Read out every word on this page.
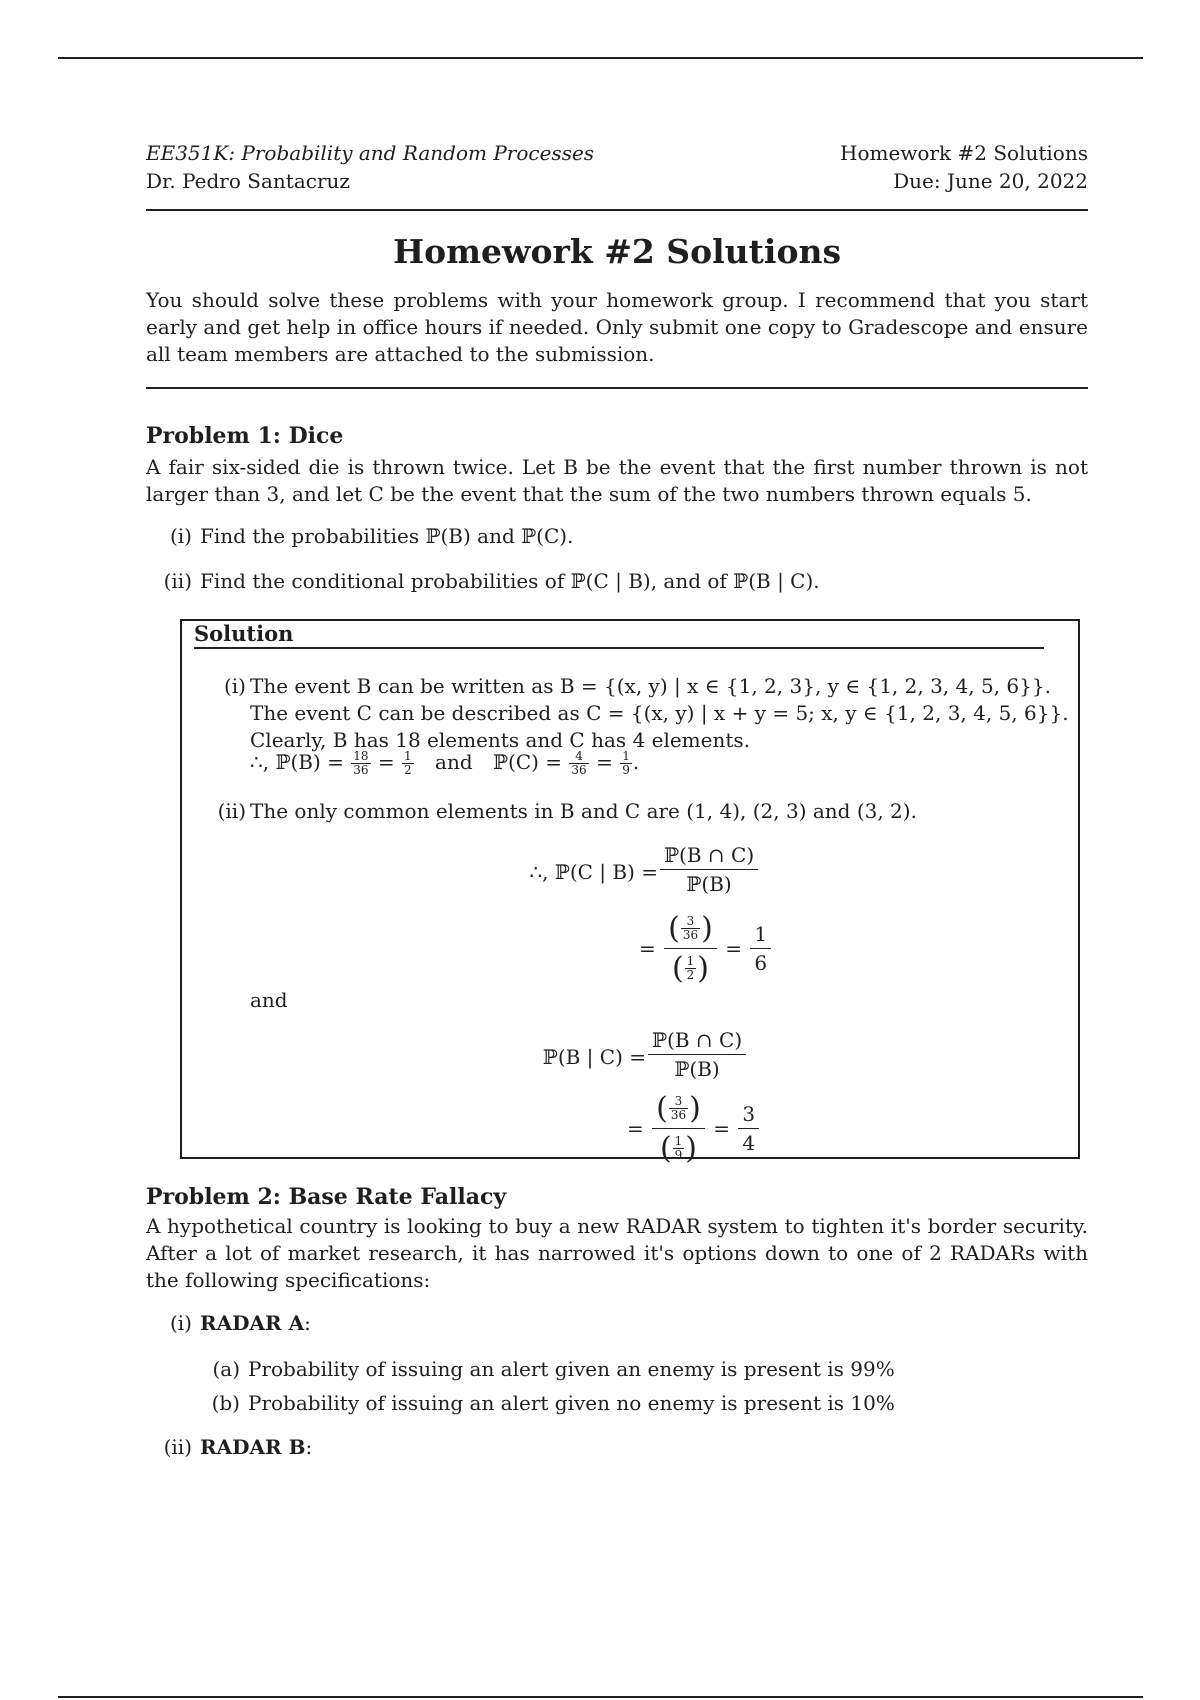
EE351K: Probability and Random Processes
Dr. Pedro Santacruz
Homework #2 Solutions
Due: June 20, 2022
Homework #2 Solutions
You should solve these problems with your homework group. I recommend that you start early and get help in office hours if needed. Only submit one copy to Gradescope and ensure all team members are attached to the submission.
Problem 1: Dice
A fair six-sided die is thrown twice. Let B be the event that the first number thrown is not larger than 3, and let C be the event that the sum of the two numbers thrown equals 5.
(i) Find the probabilities ℙ(B) and ℙ(C).
(ii) Find the conditional probabilities of ℙ(C | B), and of ℙ(B | C).
Solution
(i) The event B can be written as B = {(x, y) | x ∈ {1, 2, 3}, y ∈ {1, 2, 3, 4, 5, 6}}.
The event C can be described as C = {(x, y) | x + y = 5; x, y ∈ {1, 2, 3, 4, 5, 6}}.
Clearly, B has 18 elements and C has 4 elements.
∴, ℙ(B) = $\frac{18}{36} = \frac{1}{2}$ and ℙ(C) = $\frac{4}{36} = \frac{1}{9}$ .
(ii) The only common elements in B and C are (1, 4), (2, 3) and (3, 2).
∴, ℙ(C | $B) = \frac{\text{ℙ(B ∩ C)}}{\text{ℙ(B)}}$
= $\frac{( \frac{3}{36} )}{( \frac{1}{2} )} = \frac{1}{6}$
and
ℙ(B | $C) = \frac{\text{ℙ(B ∩ C)}}{\text{ℙ(B)}}$
= $\frac{( \frac{3}{36} )}{( \frac{1}{9} )} = \frac{3}{4}$
Problem 2: Base Rate Fallacy
A hypothetical country is looking to buy a new RADAR system to tighten it's border security. After a lot of market research, it has narrowed it's options down to one of 2 RADARs with the following specifications:
(i) RADAR A:
(a) Probability of issuing an alert given an enemy is present is 99%
(b) Probability of issuing an alert given no enemy is present is 10%
(ii) RADAR B:
